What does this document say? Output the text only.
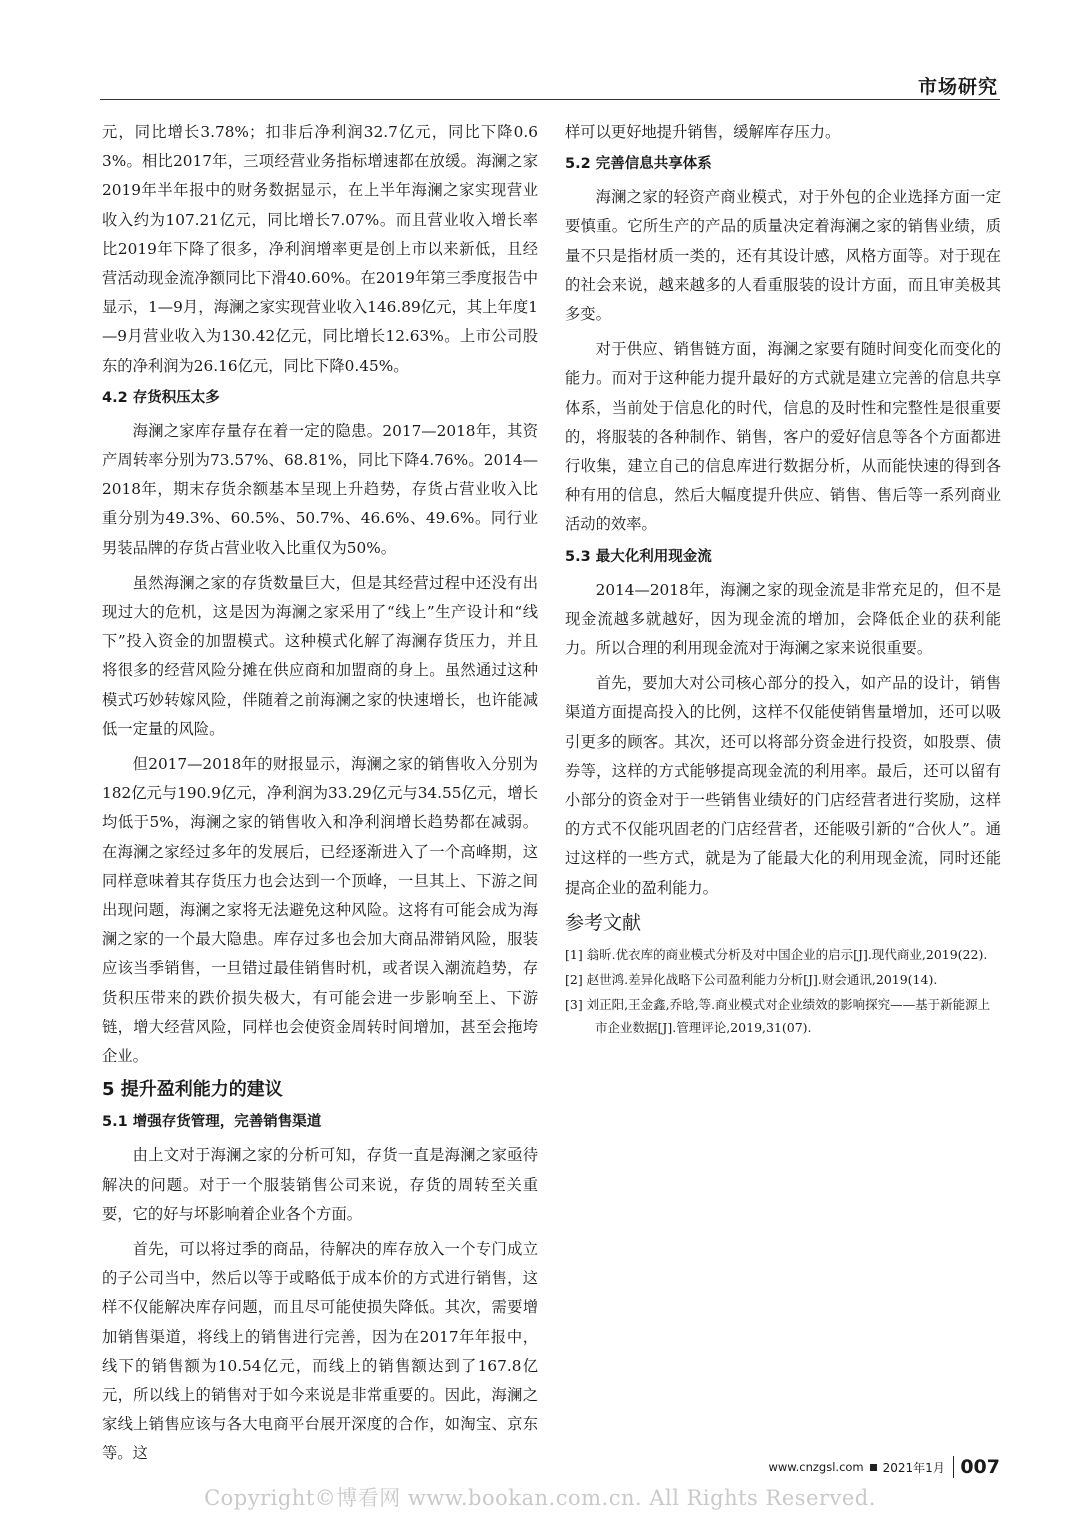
市场研究

元，同比增长3.78%；扣非后净利润32.7亿元，同比下降0.63%。相比2017年，三项经营业务指标增速都在放缓。海澜之家2019年半年报中的财务数据显示，在上半年海澜之家实现营业收入约为107.21亿元，同比增长7.07%。而且营业收入增长率比2019年下降了很多，净利润增率更是创上市以来新低，且经营活动现金流净额同比下滑40.60%。在2019年第三季度报告中显示，1—9月，海澜之家实现营业收入146.89亿元，其上年度1—9月营业收入为130.42亿元，同比增长12.63%。上市公司股东的净利润为26.16亿元，同比下降0.45%。

4.2 存货积压太多

海澜之家库存量存在着一定的隐患。2017—2018年，其资产周转率分别为73.57%、68.81%，同比下降4.76%。2014—2018年，期末存货余额基本呈现上升趋势，存货占营业收入比重分别为49.3%、60.5%、50.7%、46.6%、49.6%。同行业男装品牌的存货占营业收入比重仅为50%。

虽然海澜之家的存货数量巨大，但是其经营过程中还没有出现过大的危机，这是因为海澜之家采用了“线上”生产设计和“线下”投入资金的加盟模式。这种模式化解了海澜存货压力，并且将很多的经营风险分摊在供应商和加盟商的身上。虽然通过这种模式巧妙转嫁风险，伴随着之前海澜之家的快速增长，也许能减低一定量的风险。

但2017—2018年的财报显示，海澜之家的销售收入分别为182亿元与190.9亿元，净利润为33.29亿元与34.55亿元，增长均低于5%，海澜之家的销售收入和净利润增长趋势都在减弱。在海澜之家经过多年的发展后，已经逐渐进入了一个高峰期，这同样意味着其存货压力也会达到一个顶峰，一旦其上、下游之间出现问题，海澜之家将无法避免这种风险。这将有可能会成为海澜之家的一个最大隐患。库存过多也会加大商品滞销风险，服装应该当季销售，一旦错过最佳销售时机，或者误入潮流趋势，存货积压带来的跌价损失极大，有可能会进一步影响至上、下游链，增大经营风险，同样也会使资金周转时间增加，甚至会拖垮企业。

5 提升盈利能力的建议
5.1 增强存货管理，完善销售渠道

由上文对于海澜之家的分析可知，存货一直是海澜之家亟待解决的问题。对于一个服装销售公司来说，存货的周转至关重要，它的好与坏影响着企业各个方面。

首先，可以将过季的商品，待解决的库存放入一个专门成立的子公司当中，然后以等于或略低于成本价的方式进行销售，这样不仅能解决库存问题，而且尽可能使损失降低。其次，需要增加销售渠道，将线上的销售进行完善，因为在2017年年报中，线下的销售额为10.54亿元，而线上的销售额达到了167.8亿元，所以线上的销售对于如今来说是非常重要的。因此，海澜之家线上销售应该与各大电商平台展开深度的合作，如淘宝、京东等。这

样可以更好地提升销售，缓解库存压力。

5.2 完善信息共享体系

海澜之家的轻资产商业模式，对于外包的企业选择方面一定要慎重。它所生产的产品的质量决定着海澜之家的销售业绩，质量不只是指材质一类的，还有其设计感，风格方面等。对于现在的社会来说，越来越多的人看重服装的设计方面，而且审美极其多变。

对于供应、销售链方面，海澜之家要有随时间变化而变化的能力。而对于这种能力提升最好的方式就是建立完善的信息共享体系，当前处于信息化的时代，信息的及时性和完整性是很重要的，将服装的各种制作、销售，客户的爱好信息等各个方面都进行收集，建立自己的信息库进行数据分析，从而能快速的得到各种有用的信息，然后大幅度提升供应、销售、售后等一系列商业活动的效率。

5.3 最大化利用现金流

2014—2018年，海澜之家的现金流是非常充足的，但不是现金流越多就越好，因为现金流的增加，会降低企业的获利能力。所以合理的利用现金流对于海澜之家来说很重要。

首先，要加大对公司核心部分的投入，如产品的设计，销售渠道方面提高投入的比例，这样不仅能使销售量增加，还可以吸引更多的顾客。其次，还可以将部分资金进行投资，如股票、债券等，这样的方式能够提高现金流的利用率。最后，还可以留有小部分的资金对于一些销售业绩好的门店经营者进行奖励，这样的方式不仅能巩固老的门店经营者，还能吸引新的“合伙人”。通过这样的一些方式，就是为了能最大化的利用现金流，同时还能提高企业的盈利能力。

参考文献
[1] 翁昕.优衣库的商业模式分析及对中国企业的启示[J].现代商业,2019(22).
[2] 赵世鸿.差异化战略下公司盈利能力分析[J].财会通讯,2019(14).
[3] 刘正阳,王金鑫,乔晗,等.商业模式对企业绩效的影响探究——基于新能源上市企业数据[J].管理评论,2019,31(07).
www.cnzgsl.com 2021年1月 007
Copyright©博看网 www.bookan.com.cn. All Rights Reserved.
